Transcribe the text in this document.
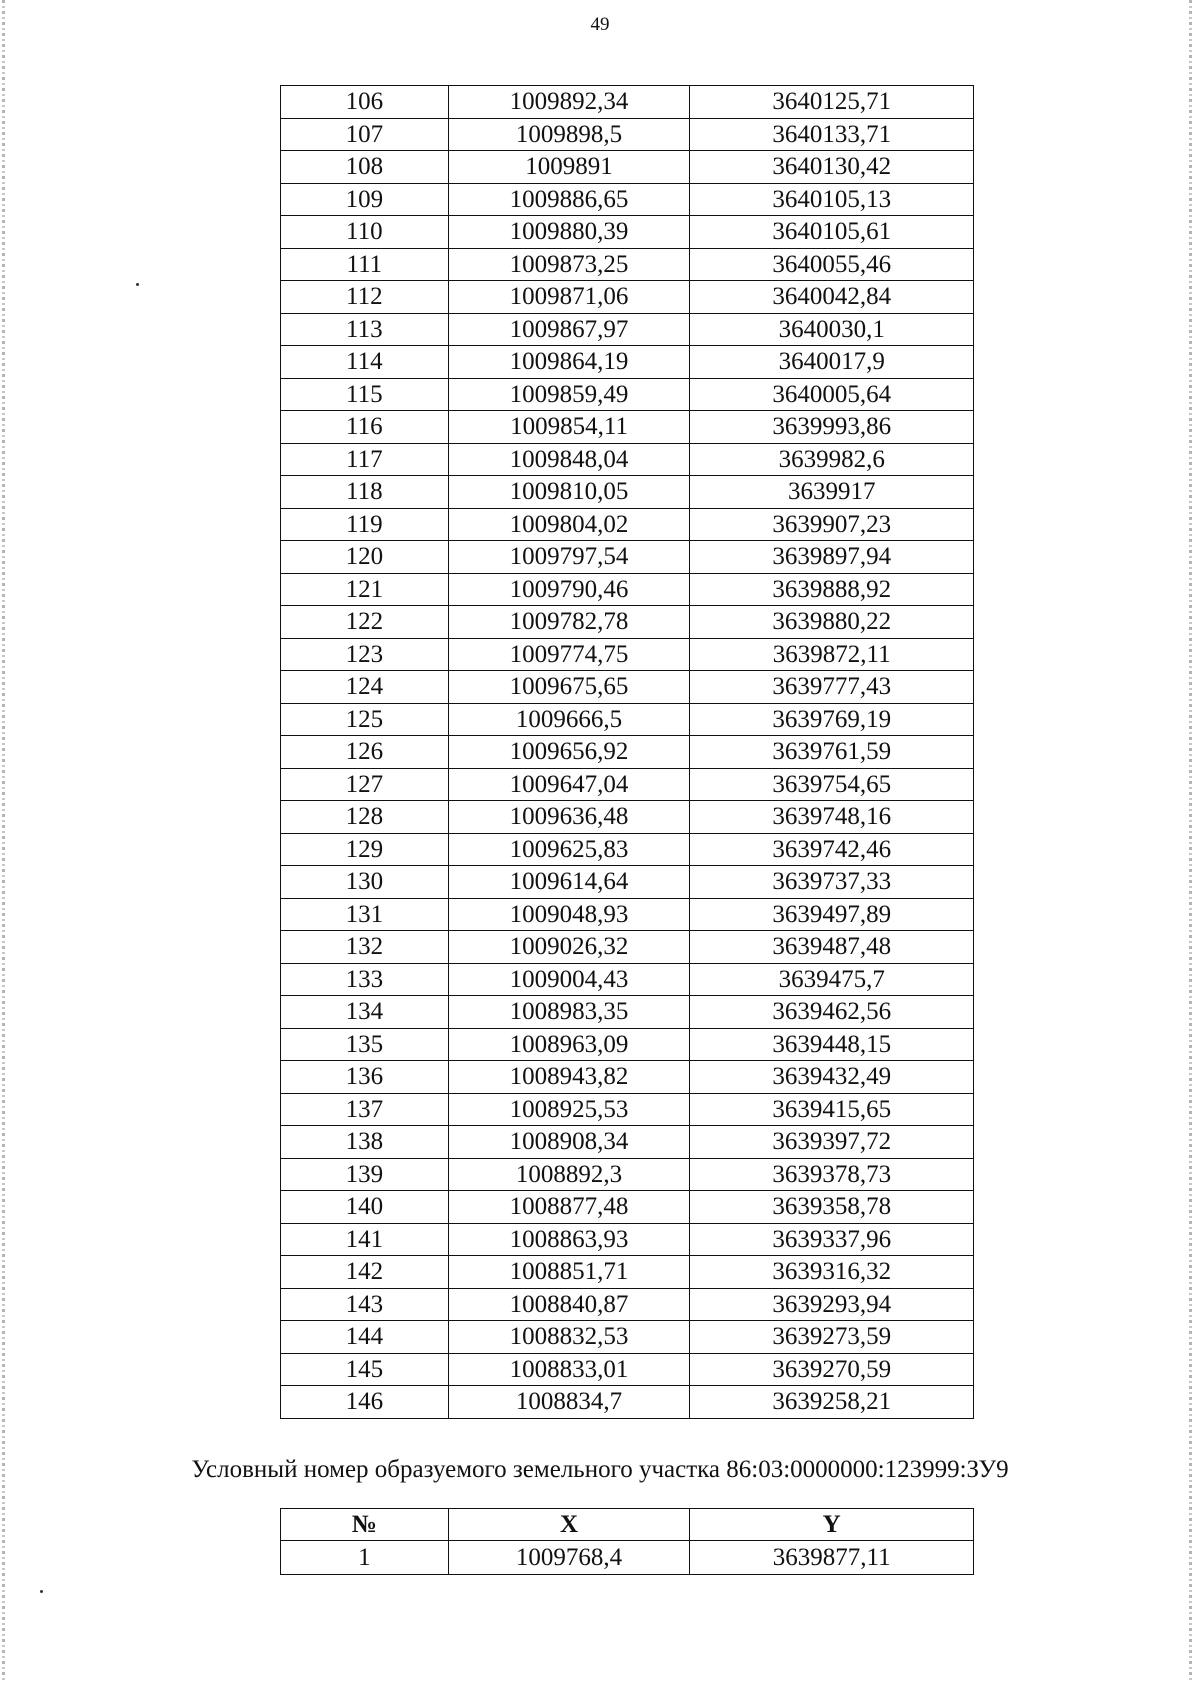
49
106	1009892,34	3640125,71
107	1009898,5	3640133,71
108	1009891	3640130,42
109	1009886,65	3640105,13
110	1009880,39	3640105,61
111	1009873,25	3640055,46
112	1009871,06	3640042,84
113	1009867,97	3640030,1
114	1009864,19	3640017,9
115	1009859,49	3640005,64
116	1009854,11	3639993,86
117	1009848,04	3639982,6
118	1009810,05	3639917
119	1009804,02	3639907,23
120	1009797,54	3639897,94
121	1009790,46	3639888,92
122	1009782,78	3639880,22
123	1009774,75	3639872,11
124	1009675,65	3639777,43
125	1009666,5	3639769,19
126	1009656,92	3639761,59
127	1009647,04	3639754,65
128	1009636,48	3639748,16
129	1009625,83	3639742,46
130	1009614,64	3639737,33
131	1009048,93	3639497,89
132	1009026,32	3639487,48
133	1009004,43	3639475,7
134	1008983,35	3639462,56
135	1008963,09	3639448,15
136	1008943,82	3639432,49
137	1008925,53	3639415,65
138	1008908,34	3639397,72
139	1008892,3	3639378,73
140	1008877,48	3639358,78
141	1008863,93	3639337,96
142	1008851,71	3639316,32
143	1008840,87	3639293,94
144	1008832,53	3639273,59
145	1008833,01	3639270,59
146	1008834,7	3639258,21
Условный номер образуемого земельного участка 86:03:0000000:123999:ЗУ9
№	X	Y
1	1009768,4	3639877,11
